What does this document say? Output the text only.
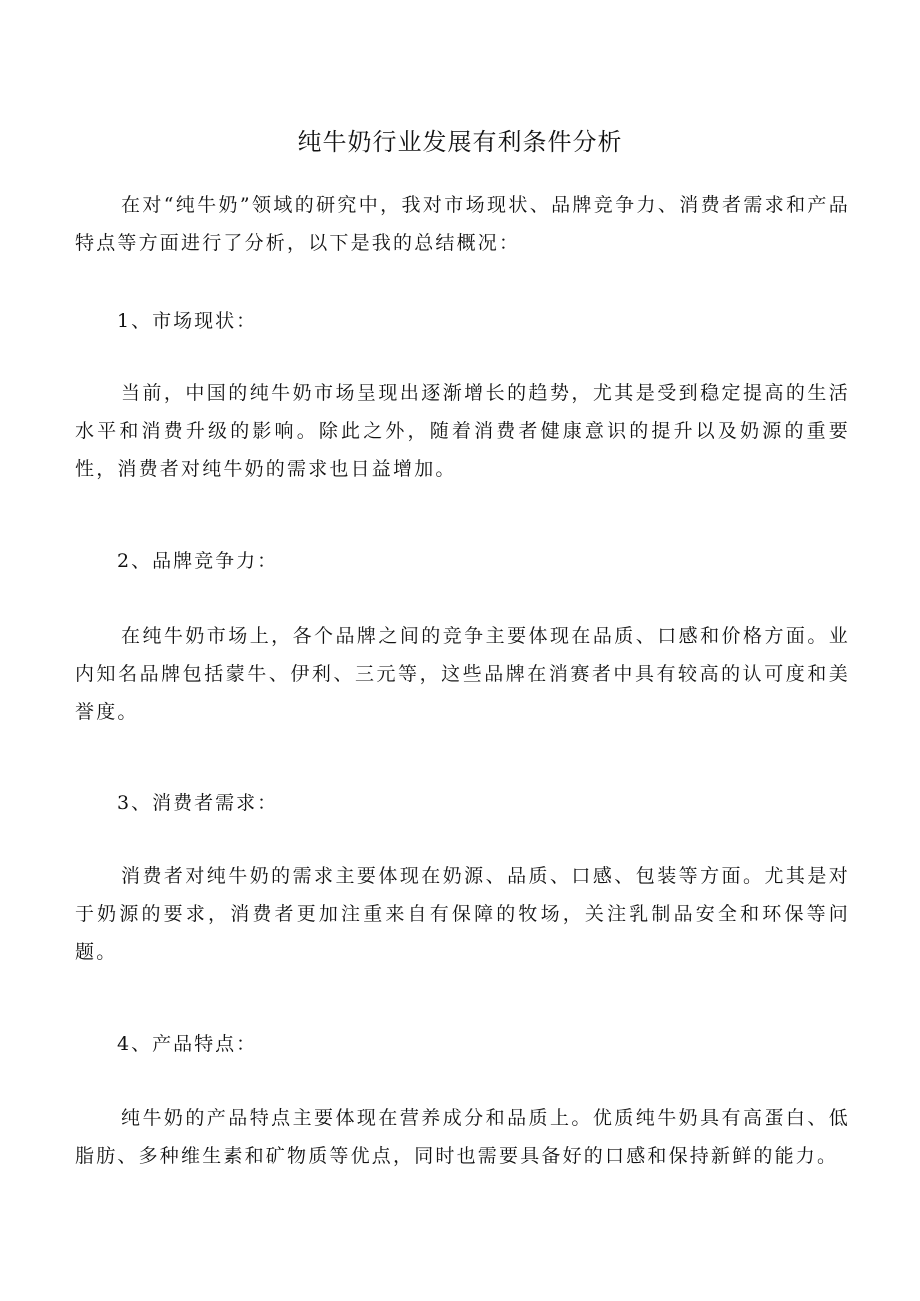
纯牛奶行业发展有利条件分析

在对“纯牛奶”领域的研究中，我对市场现状、品牌竞争力、消费者需求和产品特点等方面进行了分析，以下是我的总结概况：

1、市场现状：

当前，中国的纯牛奶市场呈现出逐渐增长的趋势，尤其是受到稳定提高的生活水平和消费升级的影响。除此之外，随着消费者健康意识的提升以及奶源的重要性，消费者对纯牛奶的需求也日益增加。

2、品牌竞争力：

在纯牛奶市场上，各个品牌之间的竞争主要体现在品质、口感和价格方面。业内知名品牌包括蒙牛、伊利、三元等，这些品牌在消赛者中具有较高的认可度和美誉度。

3、消费者需求：

消费者对纯牛奶的需求主要体现在奶源、品质、口感、包装等方面。尤其是对于奶源的要求，消费者更加注重来自有保障的牧场，关注乳制品安全和环保等问题。

4、产品特点：

纯牛奶的产品特点主要体现在营养成分和品质上。优质纯牛奶具有高蛋白、低脂肪、多种维生素和矿物质等优点，同时也需要具备好的口感和保持新鲜的能力。
